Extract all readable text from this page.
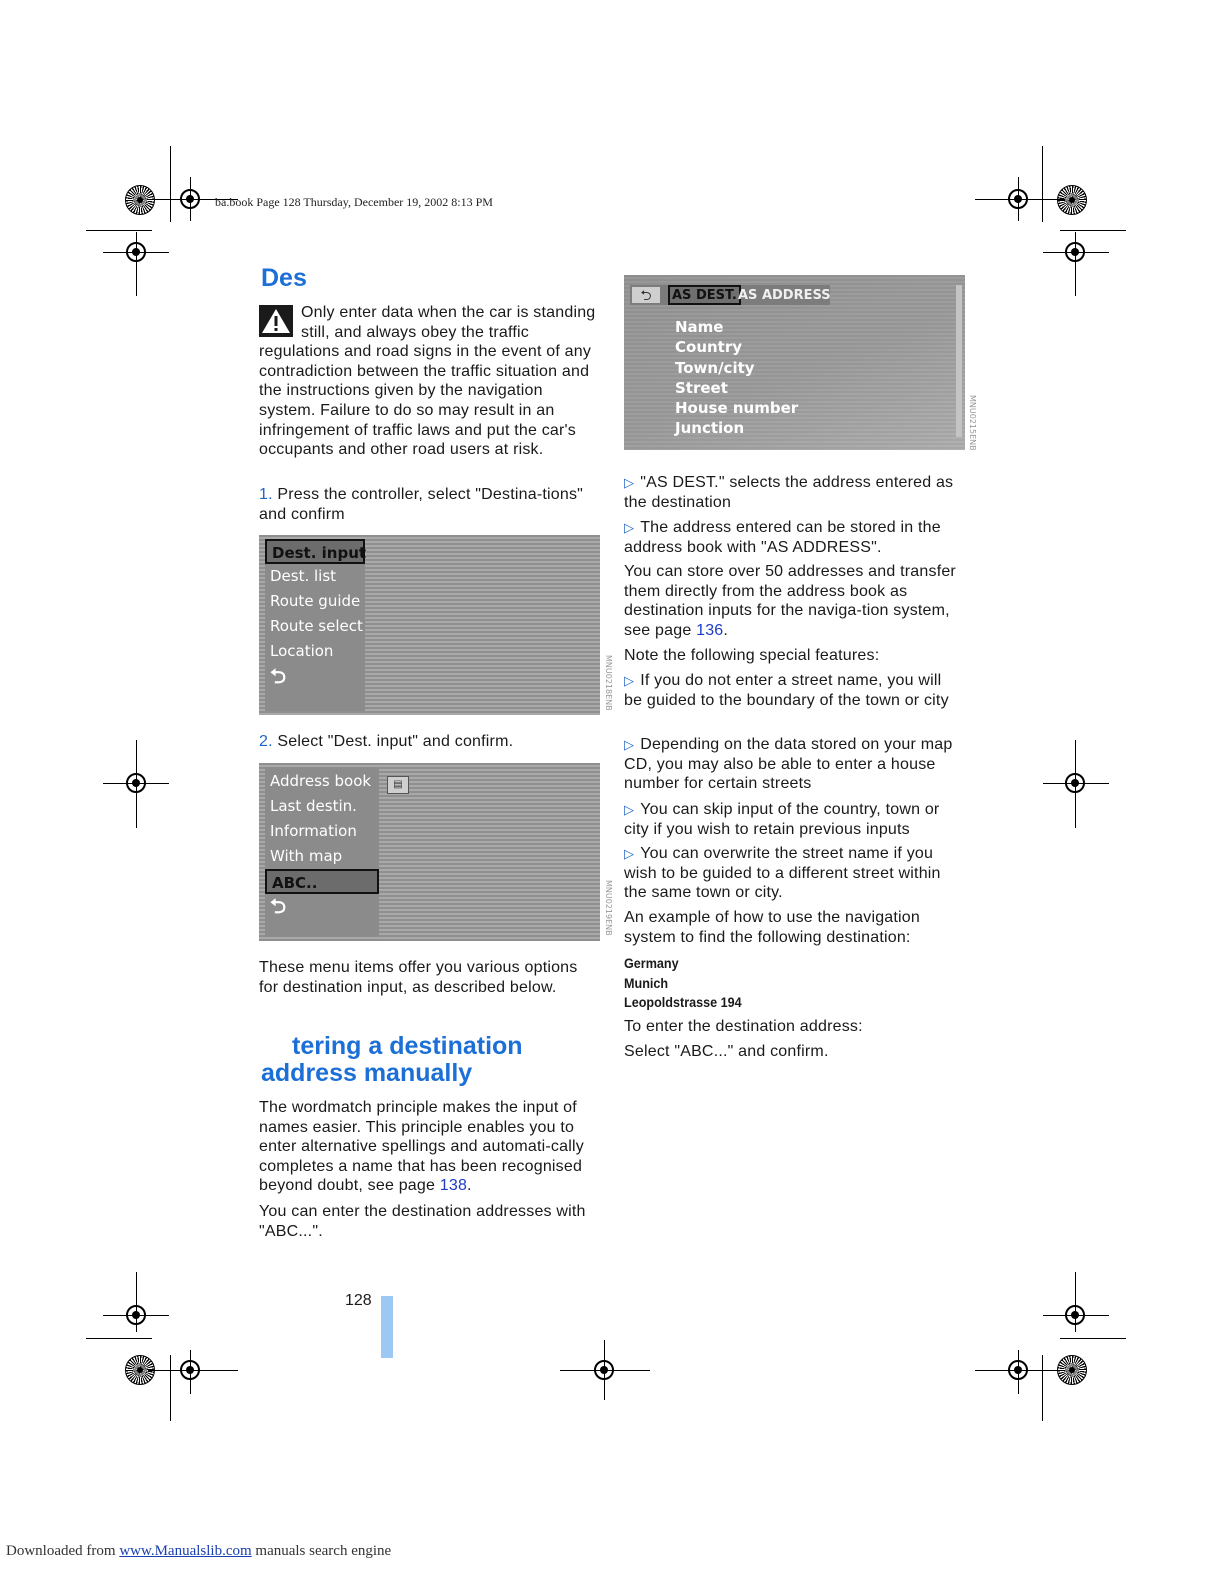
ba.book Page 128 Thursday, December 19, 2002 8:13 PM
Des
Only enter data when the car is standing still, and always obey the traffic regulations and road signs in the event of any contradiction between the traffic situation and the instructions given by the navigation system. Failure to do so may result in an infringement of traffic laws and put the car's occupants and other road users at risk.
1. Press the controller, select "Destina-tions" and confirm
Dest. input
Dest. list
Route guide
Route select
Location
⮌	MNU0218ENB
2. Select "Dest. input" and confirm.
Address book
Last destin.
Information
With map
ABC..
⮌
▤
MNU0219ENB
These menu items offer you various options for destination input, as described below.
tering a destination
address manually
The wordmatch principle makes the input of names easier. This principle enables you to enter alternative spellings and automati-cally completes a name that has been recognised beyond doubt, see page 138.
You can enter the destination addresses with "ABC...".
⮌	AS DEST. AS ADDRESS
Name
Country
Town/city
Street
House number
Junction	MNU0215ENB
▷ "AS DEST." selects the address entered as the destination
▷ The address entered can be stored in the address book with "AS ADDRESS".
You can store over 50 addresses and transfer them directly from the address book as destination inputs for the naviga-tion system, see page 136.
Note the following special features:
▷ If you do not enter a street name, you will be guided to the boundary of the town or city
▷ Depending on the data stored on your map CD, you may also be able to enter a house number for certain streets
▷ You can skip input of the country, town or city if you wish to retain previous inputs
▷ You can overwrite the street name if you wish to be guided to a different street within the same town or city.
An example of how to use the navigation system to find the following destination:
Germany
Munich
Leopoldstrasse 194
To enter the destination address:
Select "ABC..." and confirm.
128
Downloaded from www.Manualslib.com manuals search engine
